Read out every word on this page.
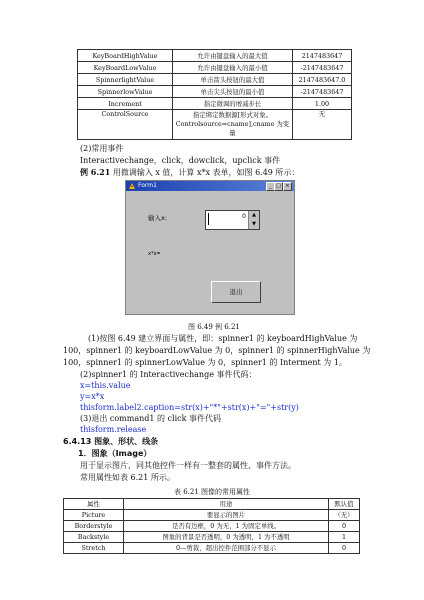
KeyBoardHighValue	允许由键盘输入的最大值	2147483647
KeyBoardLowValue	允许由键盘输入的最小值	-2147483647
SpinnerlightValue	单击箭头按钮的最大值	2147483647.0
SpinnerlowValue	单击尖头按钮的最小值	-2147483647
Increment	指定微调的增减步长	1.00
ControlSource	指定绑定数据源[形式对象。Controlsource=cname],cname 为变量	无
(2)常用事件
Interactivechange，click，dowclick，upclick 事件
例 6.21 用微调输入 x 值，计算 x*x 表单，如图 6.49 所示：
Form1	_ □ ×
输入x:	0	▲
▼
x*x=
退出
图 6.49 例 6.21
(1)按图 6.49 建立界面与属性，即：spinner1 的 keyboardHighValue 为
100，spinner1 的 keyboardLowValue 为 0，spinner1 的 spinnerHighValue 为
100，spinner1 的 spinnerLowValue 为 0，spinner1 的 Interment 为 1。
(2)spinner1 的 Interactivechange 事件代码：
x=this.value
y=x*x
thisform.label2.caption=str(x)+"*"+str(x)+"="+str(y)
(3)退出 command1 的 click 事件代码
thisform.release
6.4.13 图象、形状、线条
1．图象（Image）
用于显示图片，同其他控件一样有一整套的属性、事件方法。
常用属性如表 6.21 所示。
表 6.21 图像的常用属性
属性	用途	默认值
Picture	要显示的图片	（无）
Borderstyle	是否有边框，0 为无，1 为固定单线。	0
Backstyle	图象的背景是否透明，0 为透明，1 为不透明	1
Stretch	0—剪裁，超出控件范围部分不显示	0
